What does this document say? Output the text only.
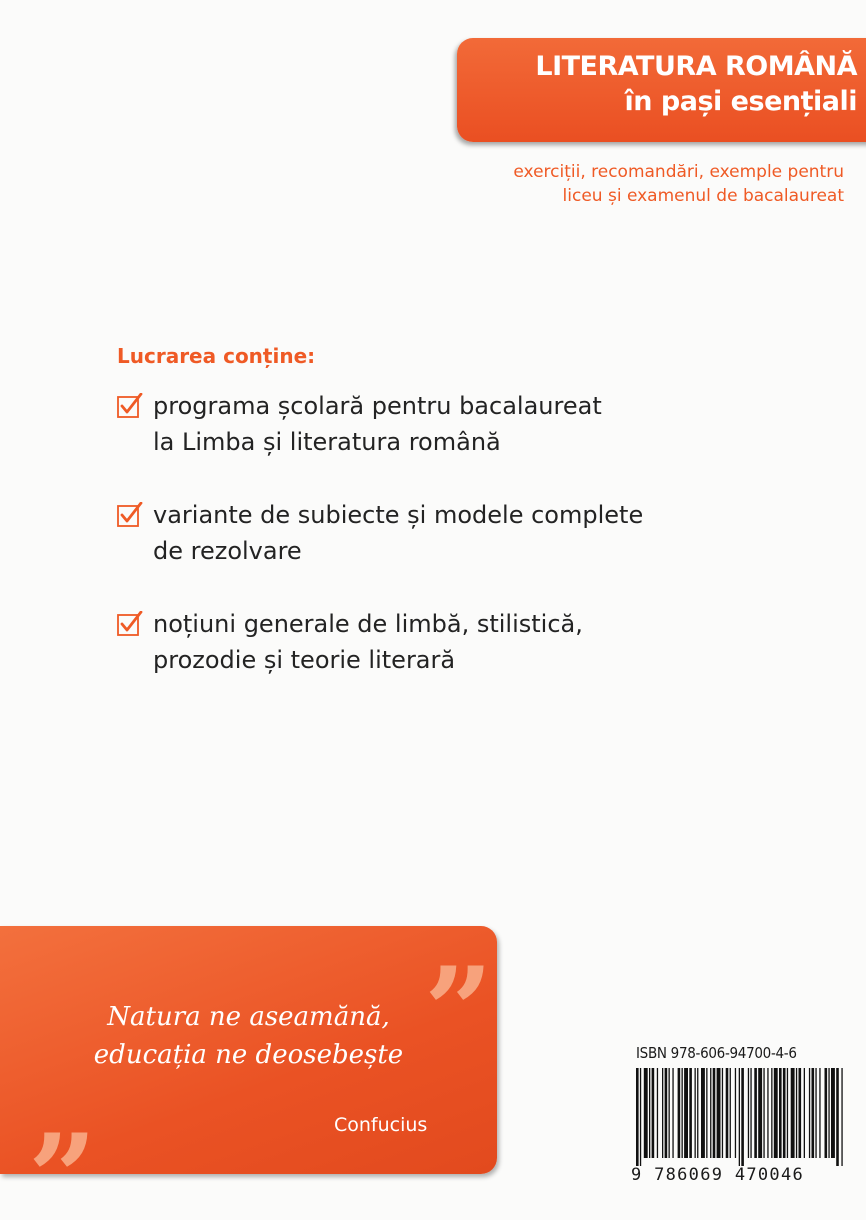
LITERATURA ROMÂNĂ
în pași esențiali
exerciții, recomandări, exemple pentru
liceu și examenul de bacalaureat
Lucrarea conține:
programa școlară pentru bacalaureat
la Limba și literatura română
variante de subiecte și modele complete
de rezolvare
noțiuni generale de limbă, stilistică,
prozodie și teorie literară
”
„
Natura ne aseamănă,
educația ne deosebește
Confucius
ISBN 978-606-94700-4-6
9 786069 470046
